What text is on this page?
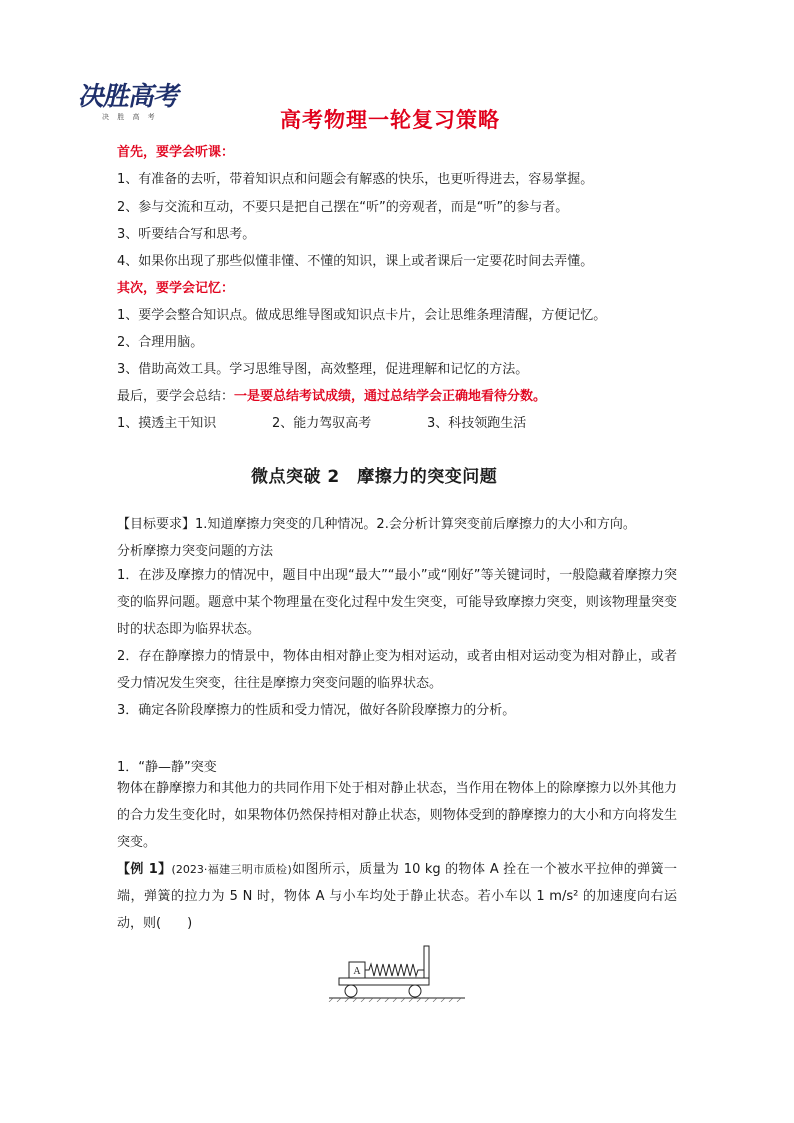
决胜高考
决 胜 高 考	高考物理一轮复习策略
首先，要学会听课：
1、有准备的去听，带着知识点和问题会有解惑的快乐，也更听得进去，容易掌握。
2、参与交流和互动，不要只是把自己摆在“听”的旁观者，而是“听”的参与者。
3、听要结合写和思考。
4、如果你出现了那些似懂非懂、不懂的知识，课上或者课后一定要花时间去弄懂。
其次，要学会记忆：
1、要学会整合知识点。做成思维导图或知识点卡片，会让思维条理清醒，方便记忆。
2、合理用脑。
3、借助高效工具。学习思维导图，高效整理，促进理解和记忆的方法。
最后，要学会总结：一是要总结考试成绩，通过总结学会正确地看待分数。
1、摸透主干知识	2、能力驾驭高考	3、科技领跑生活
微点突破 2　摩擦力的突变问题
【目标要求】1.知道摩擦力突变的几种情况。2.会分析计算突变前后摩擦力的大小和方向。
分析摩擦力突变问题的方法
1．在涉及摩擦力的情况中，题目中出现“最大”“最小”或“刚好”等关键词时，一般隐藏着摩擦力突变的临界问题。题意中某个物理量在变化过程中发生突变，可能导致摩擦力突变，则该物理量突变时的状态即为临界状态。
2．存在静摩擦力的情景中，物体由相对静止变为相对运动，或者由相对运动变为相对静止，或者受力情况发生突变，往往是摩擦力突变问题的临界状态。
3．确定各阶段摩擦力的性质和受力情况，做好各阶段摩擦力的分析。
1．“静—静”突变
物体在静摩擦力和其他力的共同作用下处于相对静止状态，当作用在物体上的除摩擦力以外其他力的合力发生变化时，如果物体仍然保持相对静止状态，则物体受到的静摩擦力的大小和方向将发生突变。
【例 1】(2023·福建三明市质检)如图所示，质量为 10 kg 的物体 A 拴在一个被水平拉伸的弹簧一端，弹簧的拉力为 5 N 时，物体 A 与小车均处于静止状态。若小车以 1 m/s² 的加速度向右运动，则(　　)
A
